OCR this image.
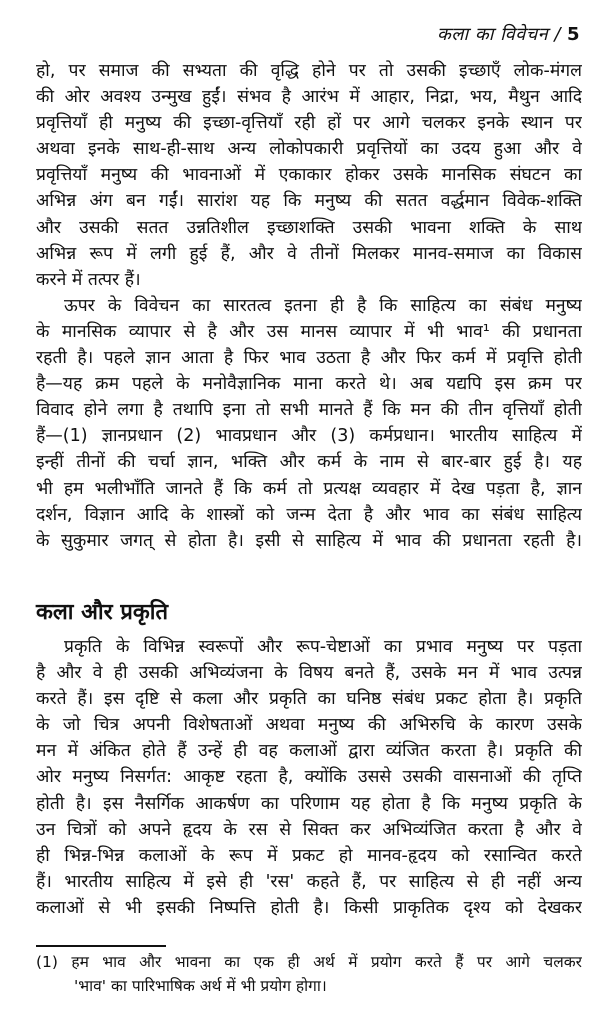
कला का विवेचन / 5
हो, पर समाज की सभ्यता की वृद्धि होने पर तो उसकी इच्छाएँ लोक-मंगल
की ओर अवश्य उन्मुख हुईं। संभव है आरंभ में आहार, निद्रा, भय, मैथुन आदि
प्रवृत्तियाँ ही मनुष्य की इच्छा-वृत्तियाँ रही हों पर आगे चलकर इनके स्थान पर
अथवा इनके साथ-ही-साथ अन्य लोकोपकारी प्रवृत्तियों का उदय हुआ और वे
प्रवृत्तियाँ मनुष्य की भावनाओं में एकाकार होकर उसके मानसिक संघटन का
अभिन्न अंग बन गईं। सारांश यह कि मनुष्य की सतत वर्द्धमान विवेक-शक्ति
और उसकी सतत उन्नतिशील इच्छाशक्ति उसकी भावना शक्ति के साथ
अभिन्न रूप में लगी हुई हैं, और वे तीनों मिलकर मानव-समाज का विकास
करने में तत्पर हैं।
ऊपर के विवेचन का सारतत्व इतना ही है कि साहित्य का संबंध मनुष्य
के मानसिक व्यापार से है और उस मानस व्यापार में भी भाव¹ की प्रधानता
रहती है। पहले ज्ञान आता है फिर भाव उठता है और फिर कर्म में प्रवृत्ति होती
है—यह क्रम पहले के मनोवैज्ञानिक माना करते थे। अब यद्यपि इस क्रम पर
विवाद होने लगा है तथापि इना तो सभी मानते हैं कि मन की तीन वृत्तियाँ होती
हैं—(1) ज्ञानप्रधान (2) भावप्रधान और (3) कर्मप्रधान। भारतीय साहित्य में
इन्हीं तीनों की चर्चा ज्ञान, भक्ति और कर्म के नाम से बार-बार हुई है। यह
भी हम भलीभाँति जानते हैं कि कर्म तो प्रत्यक्ष व्यवहार में देख पड़ता है, ज्ञान
दर्शन, विज्ञान आदि के शास्त्रों को जन्म देता है और भाव का संबंध साहित्य
के सुकुमार जगत् से होता है। इसी से साहित्य में भाव की प्रधानता रहती है।
कला और प्रकृति
प्रकृति के विभिन्न स्वरूपों और रूप-चेष्टाओं का प्रभाव मनुष्य पर पड़ता
है और वे ही उसकी अभिव्यंजना के विषय बनते हैं, उसके मन में भाव उत्पन्न
करते हैं। इस दृष्टि से कला और प्रकृति का घनिष्ठ संबंध प्रकट होता है। प्रकृति
के जो चित्र अपनी विशेषताओं अथवा मनुष्य की अभिरुचि के कारण उसके
मन में अंकित होते हैं उन्हें ही वह कलाओं द्वारा व्यंजित करता है। प्रकृति की
ओर मनुष्य निसर्गत: आकृष्ट रहता है, क्योंकि उससे उसकी वासनाओं की तृप्ति
होती है। इस नैसर्गिक आकर्षण का परिणाम यह होता है कि मनुष्य प्रकृति के
उन चित्रों को अपने हृदय के रस से सिक्त कर अभिव्यंजित करता है और वे
ही भिन्न-भिन्न कलाओं के रूप में प्रकट हो मानव-हृदय को रसान्वित करते
हैं। भारतीय साहित्य में इसे ही 'रस' कहते हैं, पर साहित्य से ही नहीं अन्य
कलाओं से भी इसकी निष्पत्ति होती है। किसी प्राकृतिक दृश्य को देखकर
(1) हम भाव और भावना का एक ही अर्थ में प्रयोग करते हैं पर आगे चलकर
'भाव' का पारिभाषिक अर्थ में भी प्रयोग होगा।
